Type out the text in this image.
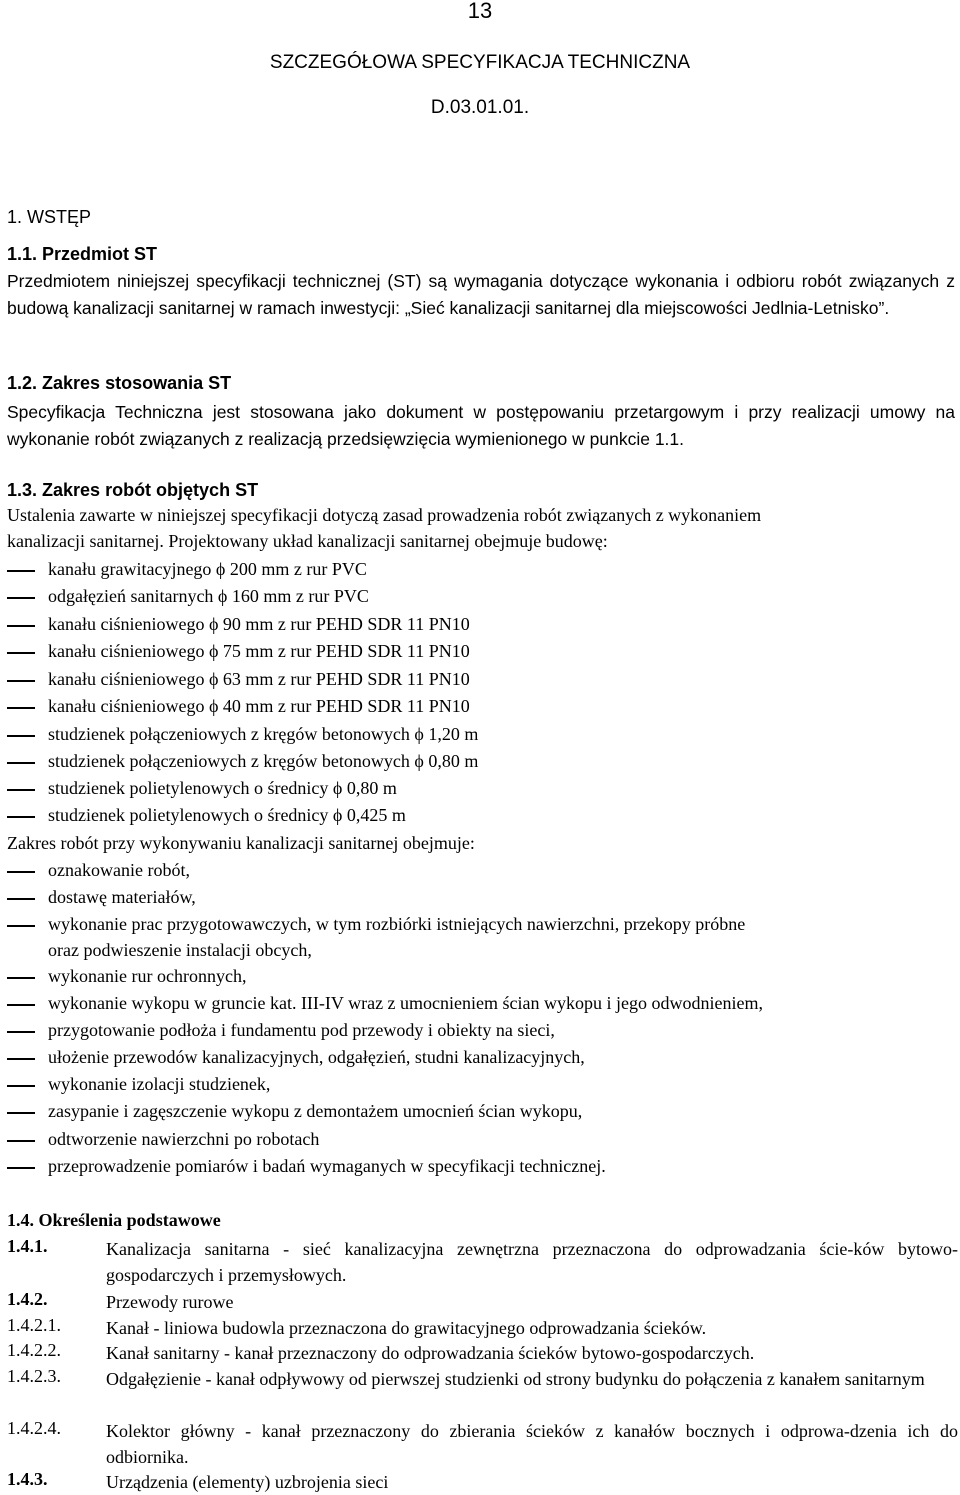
13
SZCZEGÓŁOWA SPECYFIKACJA TECHNICZNA
D.03.01.01.
1. WSTĘP
1.1. Przedmiot ST
Przedmiotem niniejszej specyfikacji technicznej (ST) są wymagania dotyczące wykonania i odbioru robót związanych z budową kanalizacji sanitarnej w ramach inwestycji: „Sieć kanalizacji sanitarnej dla miejscowości Jedlnia-Letnisko”.
1.2. Zakres stosowania ST
Specyfikacja Techniczna jest stosowana jako dokument w postępowaniu przetargowym i przy realizacji umowy na wykonanie robót związanych z realizacją przedsięwzięcia wymienionego w punkcie 1.1.
1.3. Zakres robót objętych ST
Ustalenia zawarte w niniejszej specyfikacji dotyczą zasad prowadzenia robót związanych z wykonaniem
kanalizacji sanitarnej. Projektowany układ kanalizacji sanitarnej obejmuje budowę:
kanału grawitacyjnego ϕ 200 mm z rur PVC
odgałęzień sanitarnych ϕ 160 mm z rur PVC
kanału ciśnieniowego ϕ 90 mm z rur PEHD SDR 11 PN10
kanału ciśnieniowego ϕ 75 mm z rur PEHD SDR 11 PN10
kanału ciśnieniowego ϕ 63 mm z rur PEHD SDR 11 PN10
kanału ciśnieniowego ϕ 40 mm z rur PEHD SDR 11 PN10
studzienek połączeniowych z kręgów betonowych ϕ 1,20 m
studzienek połączeniowych z kręgów betonowych ϕ 0,80 m
studzienek polietylenowych o średnicy ϕ 0,80 m
studzienek polietylenowych o średnicy ϕ 0,425 m
Zakres robót przy wykonywaniu kanalizacji sanitarnej obejmuje:
oznakowanie robót,
dostawę materiałów,
wykonanie prac przygotowawczych, w tym rozbiórki istniejących nawierzchni, przekopy próbne
oraz podwieszenie instalacji obcych,
wykonanie rur ochronnych,
wykonanie wykopu w gruncie kat. III-IV wraz z umocnieniem ścian wykopu i jego odwodnieniem,
przygotowanie podłoża i fundamentu pod przewody i obiekty na sieci,
ułożenie przewodów kanalizacyjnych, odgałęzień, studni kanalizacyjnych,
wykonanie izolacji studzienek,
zasypanie i zagęszczenie wykopu z demontażem umocnień ścian wykopu,
odtworzenie nawierzchni po robotach
przeprowadzenie pomiarów i badań wymaganych w specyfikacji technicznej.
1.4. Określenia podstawowe
1.4.1.	Kanalizacja sanitarna - sieć kanalizacyjna zewnętrzna przeznaczona do odprowadzania ście-ków bytowo-gospodarczych i przemysłowych.
1.4.2.	Przewody rurowe
1.4.2.1.	Kanał - liniowa budowla przeznaczona do grawitacyjnego odprowadzania ścieków.
1.4.2.2.	Kanał sanitarny - kanał przeznaczony do odprowadzania ścieków bytowo-gospodarczych.
1.4.2.3.	Odgałęzienie - kanał odpływowy od pierwszej studzienki od strony budynku do połączenia z kanałem sanitarnym
1.4.2.4.	Kolektor główny - kanał przeznaczony do zbierania ścieków z kanałów bocznych i odprowa-dzenia ich do odbiornika.
1.4.3.	Urządzenia (elementy) uzbrojenia sieci
